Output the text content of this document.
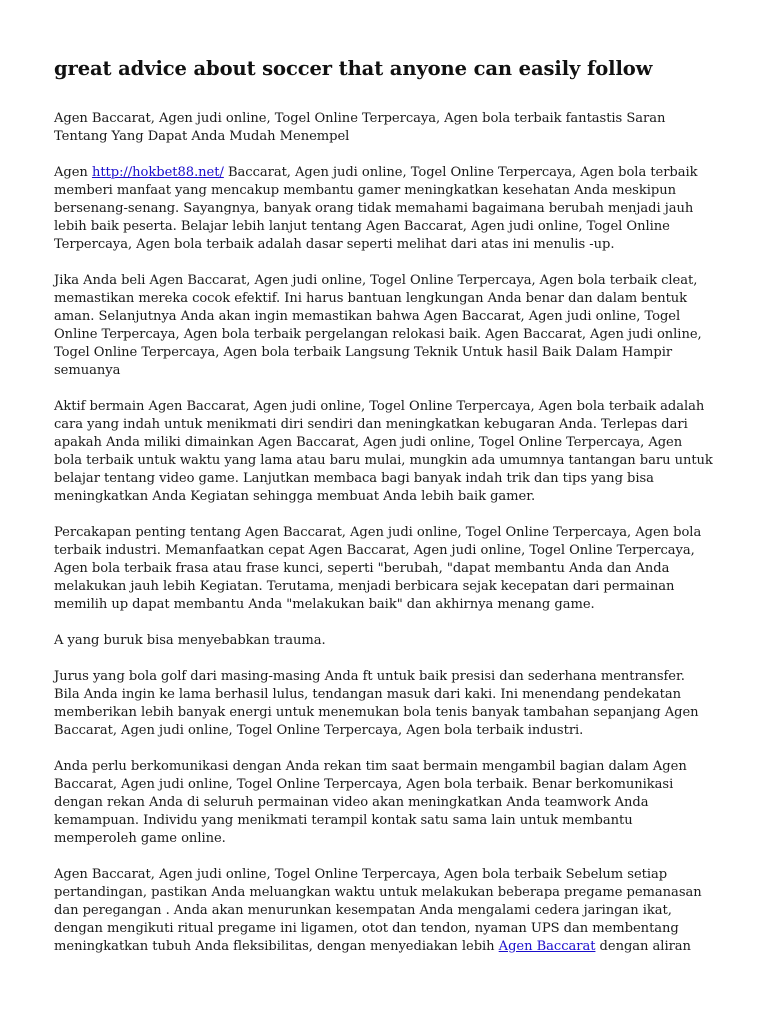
great advice about soccer that anyone can easily follow

Agen Baccarat, Agen judi online, Togel Online Terpercaya, Agen bola terbaik fantastis Saran Tentang Yang Dapat Anda Mudah Menempel

Agen http://hokbet88.net/ Baccarat, Agen judi online, Togel Online Terpercaya, Agen bola terbaik memberi manfaat yang mencakup membantu gamer meningkatkan kesehatan Anda meskipun bersenang-senang. Sayangnya, banyak orang tidak memahami bagaimana berubah menjadi jauh lebih baik peserta. Belajar lebih lanjut tentang Agen Baccarat, Agen judi online, Togel Online Terpercaya, Agen bola terbaik adalah dasar seperti melihat dari atas ini menulis -up.

Jika Anda beli Agen Baccarat, Agen judi online, Togel Online Terpercaya, Agen bola terbaik cleat, memastikan mereka cocok efektif. Ini harus bantuan lengkungan Anda benar dan dalam bentuk aman. Selanjutnya Anda akan ingin memastikan bahwa Agen Baccarat, Agen judi online, Togel Online Terpercaya, Agen bola terbaik pergelangan relokasi baik. Agen Baccarat, Agen judi online, Togel Online Terpercaya, Agen bola terbaik Langsung Teknik Untuk hasil Baik Dalam Hampir semuanya

Aktif bermain Agen Baccarat, Agen judi online, Togel Online Terpercaya, Agen bola terbaik adalah cara yang indah untuk menikmati diri sendiri dan meningkatkan kebugaran Anda. Terlepas dari apakah Anda miliki dimainkan Agen Baccarat, Agen judi online, Togel Online Terpercaya, Agen bola terbaik untuk waktu yang lama atau baru mulai, mungkin ada umumnya tantangan baru untuk belajar tentang video game. Lanjutkan membaca bagi banyak indah trik dan tips yang bisa meningkatkan Anda Kegiatan sehingga membuat Anda lebih baik gamer.

Percakapan penting tentang Agen Baccarat, Agen judi online, Togel Online Terpercaya, Agen bola terbaik industri. Memanfaatkan cepat Agen Baccarat, Agen judi online, Togel Online Terpercaya, Agen bola terbaik frasa atau frase kunci, seperti "berubah, "dapat membantu Anda dan Anda melakukan jauh lebih Kegiatan. Terutama, menjadi berbicara sejak kecepatan dari permainan memilih up dapat membantu Anda "melakukan baik" dan akhirnya menang game.

A yang buruk bisa menyebabkan trauma.

Jurus yang bola golf dari masing-masing Anda ft untuk baik presisi dan sederhana mentransfer. Bila Anda ingin ke lama berhasil lulus, tendangan masuk dari kaki. Ini menendang pendekatan memberikan lebih banyak energi untuk menemukan bola tenis banyak tambahan sepanjang Agen Baccarat, Agen judi online, Togel Online Terpercaya, Agen bola terbaik industri.

Anda perlu berkomunikasi dengan Anda rekan tim saat bermain mengambil bagian dalam Agen Baccarat, Agen judi online, Togel Online Terpercaya, Agen bola terbaik. Benar berkomunikasi dengan rekan Anda di seluruh permainan video akan meningkatkan Anda teamwork Anda kemampuan. Individu yang menikmati terampil kontak satu sama lain untuk membantu memperoleh game online.

Agen Baccarat, Agen judi online, Togel Online Terpercaya, Agen bola terbaik Sebelum setiap pertandingan, pastikan Anda meluangkan waktu untuk melakukan beberapa pregame pemanasan dan peregangan . Anda akan menurunkan kesempatan Anda mengalami cedera jaringan ikat, dengan mengikuti ritual pregame ini ligamen, otot dan tendon, nyaman UPS dan membentang meningkatkan tubuh Anda fleksibilitas, dengan menyediakan lebih Agen Baccarat dengan aliran
